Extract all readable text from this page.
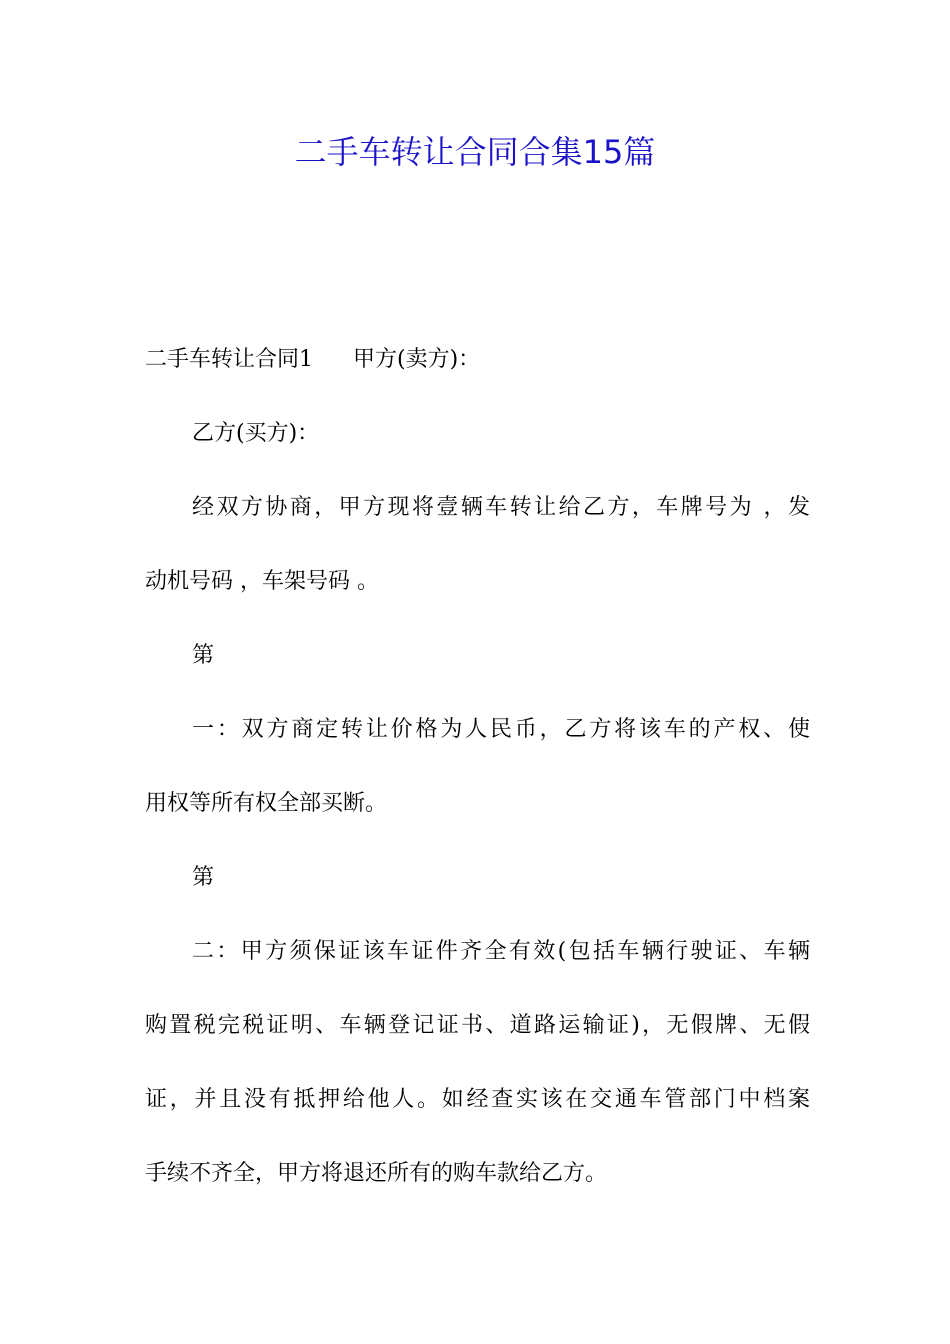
二手车转让合同合集15篇
二手车转让合同1 甲方(卖方)：
乙方(买方)：
经双方协商，甲方现将壹辆车转让给乙方，车牌号为 ，发
动机号码 ，车架号码 。
第
一：双方商定转让价格为人民币，乙方将该车的产权、使
用权等所有权全部买断。
第
二：甲方须保证该车证件齐全有效(包括车辆行驶证、车辆
购置税完税证明、车辆登记证书、道路运输证)，无假牌、无假
证，并且没有抵押给他人。如经查实该在交通车管部门中档案
手续不齐全，甲方将退还所有的购车款给乙方。
